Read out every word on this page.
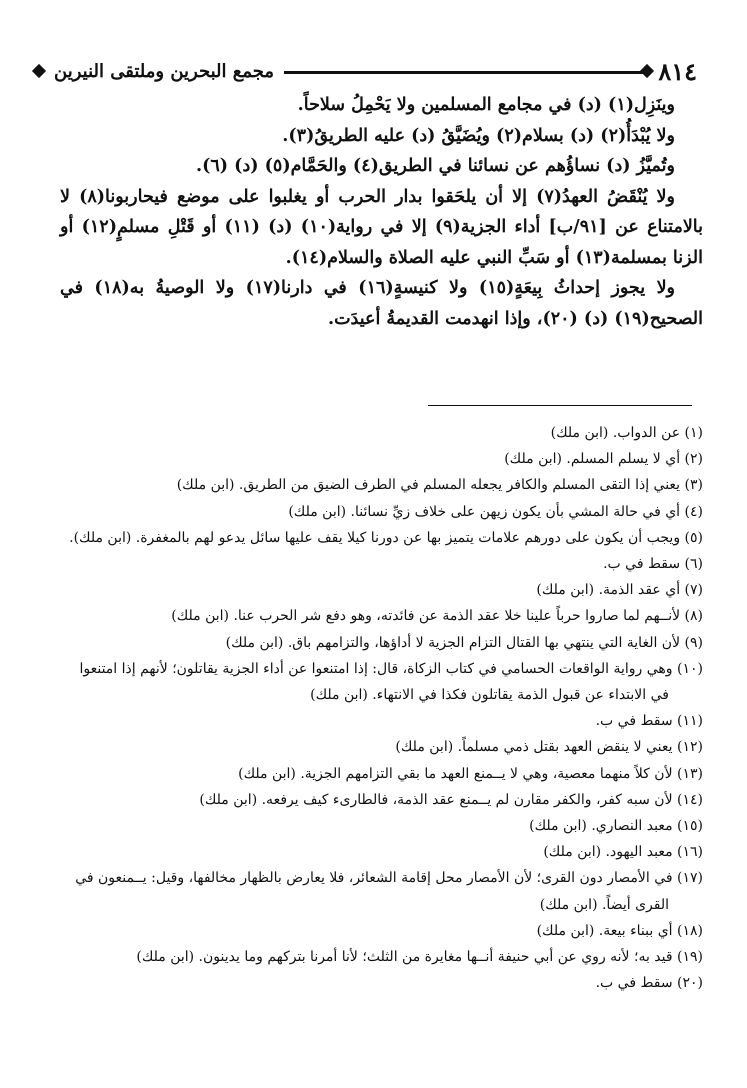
٨١٤
مجمع البحرين وملتقى النيرين

وينَزِل(١) (د) في مجامع المسلمين ولا يَحْمِلُ سلاحاً.

ولا يُبْدَأُ(٢) (د) بسلام(٢) ويُضَيَّقُ (د) عليه الطريقُ(٣).

وتُميَّزُ (د) نساؤُهم عن نسائنا في الطريق(٤) والحَمَّام(٥) (د) (٦).

ولا يُنْقَضُ العهدُ(٧) إلا أن يلحَقوا بدار الحرب أو يغلبوا على موضع فيحاربونا(٨) لا بالامتناع عن [٩١/ب] أداء الجزية(٩) إلا في رواية(١٠) (د) (١١) أو قَتْلِ مسلمٍ(١٢) أو الزنا بمسلمة(١٣) أو سَبِّ النبي عليه الصلاة والسلام(١٤).

ولا يجوز إحداثُ بِيعَةٍ(١٥) ولا كنيسةٍ(١٦) في دارنا(١٧) ولا الوصيةُ به(١٨) في الصحيح(١٩) (د) (٢٠)، وإذا انهدمت القديمةُ أعيدَت.

(١) عن الدواب. (ابن ملك)

(٢) أي لا يسلم المسلم. (ابن ملك)

(٣) يعني إذا التقى المسلم والكافر يجعله المسلم في الطرف الضيق من الطريق. (ابن ملك)

(٤) أي في حالة المشي بأن يكون زيهن على خلاف زيِّ نسائنا. (ابن ملك)

(٥) ويجب أن يكون على دورهم علامات يتميز بها عن دورنا كيلا يقف عليها سائل يدعو لهم بالمغفرة. (ابن ملك).

(٦) سقط في ب.

(٧) أي عقد الذمة. (ابن ملك)

(٨) لأنــهم لما صاروا حرباً علينا خلا عقد الذمة عن فائدته، وهو دفع شر الحرب عنا. (ابن ملك)

(٩) لأن الغاية التي ينتهي بها القتال التزام الجزية لا أداؤها، والتزامهم باق. (ابن ملك)

(١٠) وهي رواية الواقعات الحسامي في كتاب الزكاة، قال: إذا امتنعوا عن أداء الجزية يقاتلون؛ لأنهم إذا امتنعوا في الابتداء عن قبول الذمة يقاتلون فكذا في الانتهاء. (ابن ملك)

(١١) سقط في ب.

(١٢) يعني لا ينقض العهد بقتل ذمي مسلماً. (ابن ملك)

(١٣) لأن كلاً منهما معصية، وهي لا يــمنع العهد ما بقي التزامهم الجزية. (ابن ملك)

(١٤) لأن سبه كفر، والكفر مقارن لم يــمنع عقد الذمة، فالطارىء كيف يرفعه. (ابن ملك)

(١٥) معبد النصاري. (ابن ملك)

(١٦) معبد اليهود. (ابن ملك)

(١٧) في الأمصار دون القرى؛ لأن الأمصار محل إقامة الشعائر، فلا يعارض بالظهار مخالفها، وقيل: يــمنعون في القرى أيضاً. (ابن ملك)

(١٨) أي ببناء بيعة. (ابن ملك)

(١٩) قيد به؛ لأنه روي عن أبي حنيفة أنــها مغايرة من الثلث؛ لأنا أمرنا بتركهم وما يدينون. (ابن ملك)

(٢٠) سقط في ب.
